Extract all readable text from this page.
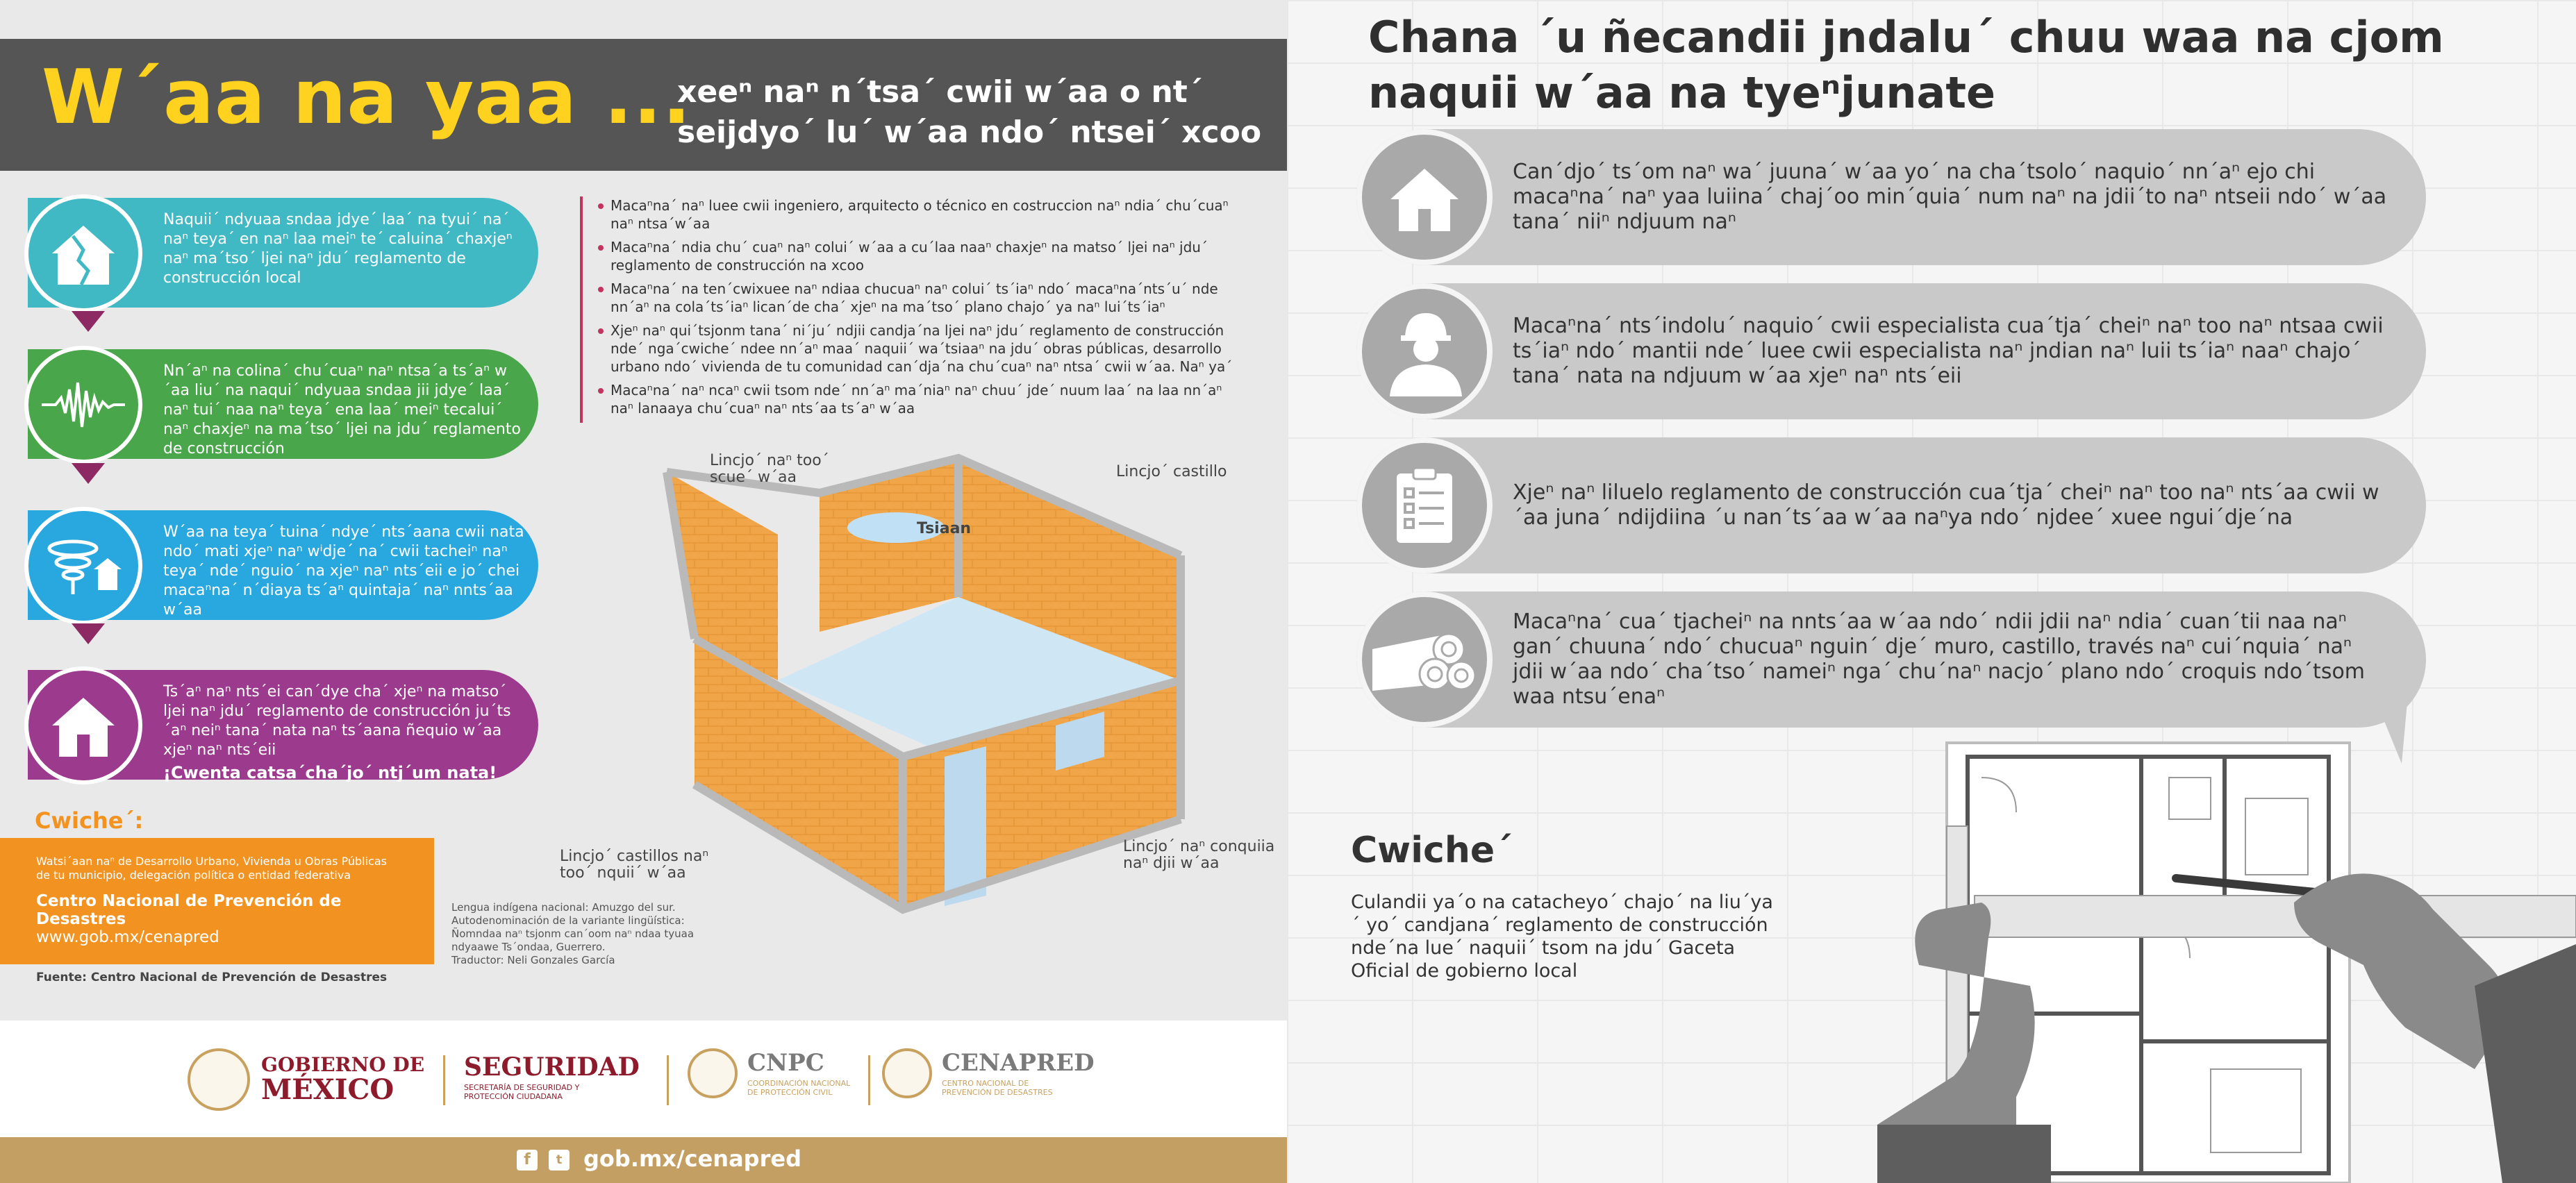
W´aa na yaa ...
xeeⁿ naⁿ n´tsa´ cwii w´aa o nt´ seijdyo´ lu´ w´aa ndo´ ntsei´ xcoo
Naquii´ ndyuaa sndaa jdye´ laa´ na tyui´ na´ naⁿ teya´ en naⁿ laa meiⁿ te´ caluina´ chaxjeⁿ naⁿ ma´tso´ ljei naⁿ jdu´ reglamento de construcción local
Nn´aⁿ na colina´ chu´cuaⁿ naⁿ ntsa´a ts´aⁿ w´aa liu´ na naqui´ ndyuaa sndaa jii jdye´ laa´ naⁿ tui´ naa naⁿ teya´ ena laa´ meiⁿ tecalui´ naⁿ chaxjeⁿ na ma´tso´ ljei na jdu´ reglamento de construcción
W´aa na teya´ tuina´ ndye´ nts´aana cwii nata ndo´ mati xjeⁿ naⁿ wⁱdje´ na´ cwii tacheiⁿ naⁿ teya´ nde´ nguio´ na xjeⁿ naⁿ nts´eii e jo´ chei macaⁿna´ n´diaya ts´aⁿ quintaja´ naⁿ nnts´aa w´aa
Ts´aⁿ naⁿ nts´ei can´dye cha´ xjeⁿ na matso´ ljei naⁿ jdu´ reglamento de construcción ju´ts´aⁿ neiⁿ tana´ nata naⁿ ts´aana ñequio w´aa xjeⁿ naⁿ nts´eii
¡Cwenta catsa´cha´jo´ ntj´um nata!
Macaⁿna´ naⁿ luee cwii ingeniero, arquitecto o técnico en costruccion naⁿ ndia´ chu´cuaⁿ naⁿ ntsa´w´aa
Macaⁿna´ ndia chu´ cuaⁿ naⁿ colui´ w´aa a cu´laa naaⁿ chaxjeⁿ na matso´ ljei naⁿ jdu´ reglamento de construcción na xcoo
Macaⁿna´ na ten´cwixuee naⁿ ndiaa chucuaⁿ naⁿ colui´ ts´iaⁿ ndo´ macaⁿna´nts´u´ nde nn´aⁿ na cola´ts´iaⁿ lican´de cha´ xjeⁿ na ma´tso´ plano chajo´ ya naⁿ lui´ts´iaⁿ
Xjeⁿ naⁿ qui´tsjonm tana´ ni´ju´ ndjii candja´na ljei naⁿ jdu´ reglamento de construcción nde´ nga´cwiche´ ndee nn´aⁿ maa´ naquii´ wa´tsiaaⁿ na jdu´ obras públicas, desarrollo urbano ndo´ vivienda de tu comunidad can´dja´na chu´cuaⁿ naⁿ ntsa´ cwii w´aa. Naⁿ ya´
Macaⁿna´ naⁿ ncaⁿ cwii tsom nde´ nn´aⁿ ma´niaⁿ naⁿ chuu´ jde´ nuum laa´ na laa nn´aⁿ naⁿ lanaaya chu´cuaⁿ naⁿ nts´aa ts´aⁿ w´aa
Lincjo´ naⁿ too´ scue´ w´aa	Lincjo´ castillo
Tsiaan
Lincjo´ castillos naⁿ too´ nquii´ w´aa
Lincjo´ naⁿ conquiia naⁿ djii w´aa
Cwiche´:
Watsi´aan naⁿ de Desarrollo Urbano, Vivienda u Obras Públicas de tu municipio, delegación política o entidad federativa
Centro Nacional de Prevención de Desastres
www.gob.mx/cenapred
Fuente: Centro Nacional de Prevención de Desastres
Lengua indígena nacional: Amuzgo del sur.
Autodenominación de la variante lingüística: Ñomndaa naⁿ tsjonm can´oom naⁿ ndaa tyuaa ndyaawe Ts´ondaa, Guerrero.
Traductor: Neli Gonzales García
GOBIERNO DE
MÉXICO
SEGURIDAD
SECRETARÍA DE SEGURIDAD Y PROTECCIÓN CIUDADANA
CNPC
COORDINACIÓN NACIONAL DE PROTECCIÓN CIVIL
CENAPRED
CENTRO NACIONAL DE PREVENCIÓN DE DESASTRES
f	t gob.mx/cenapred
Chana ´u ñecandii jndalu´ chuu waa na cjom naquii w´aa na tyeⁿjunate
Can´djo´ ts´om naⁿ wa´ juuna´ w´aa yo´ na cha´tsolo´ naquio´ nn´aⁿ ejo chi macaⁿna´ naⁿ yaa luiina´ chaj´oo min´quia´ num naⁿ na jdii´to naⁿ ntseii ndo´ w´aa tana´ niiⁿ ndjuum naⁿ
Macaⁿna´ nts´indolu´ naquio´ cwii especialista cua´tja´ cheiⁿ naⁿ too naⁿ ntsaa cwii ts´iaⁿ ndo´ mantii nde´ luee cwii especialista naⁿ jndian naⁿ luii ts´iaⁿ naaⁿ chajo´ tana´ nata na ndjuum w´aa xjeⁿ naⁿ nts´eii
Xjeⁿ naⁿ liluelo reglamento de construcción cua´tja´ cheiⁿ naⁿ too naⁿ nts´aa cwii w´aa juna´ ndijdiina ´u nan´ts´aa w´aa naⁿya ndo´ njdee´ xuee ngui´dje´na
Macaⁿna´ cua´ tjacheiⁿ na nnts´aa w´aa ndo´ ndii jdii naⁿ ndia´ cuan´tii naa naⁿ gan´ chuuna´ ndo´ chucuaⁿ nguin´ dje´ muro, castillo, través naⁿ cui´nquia´ naⁿ jdii w´aa ndo´ cha´tso´ nameiⁿ nga´ chu´naⁿ nacjo´ plano ndo´ croquis ndo´tsom waa ntsu´enaⁿ
Cwiche´
Culandii ya´o na catacheyo´ chajo´ na liu´ya´ yo´ candjana´ reglamento de construcción nde´na lue´ naquii´ tsom na jdu´ Gaceta Oficial de gobierno local
